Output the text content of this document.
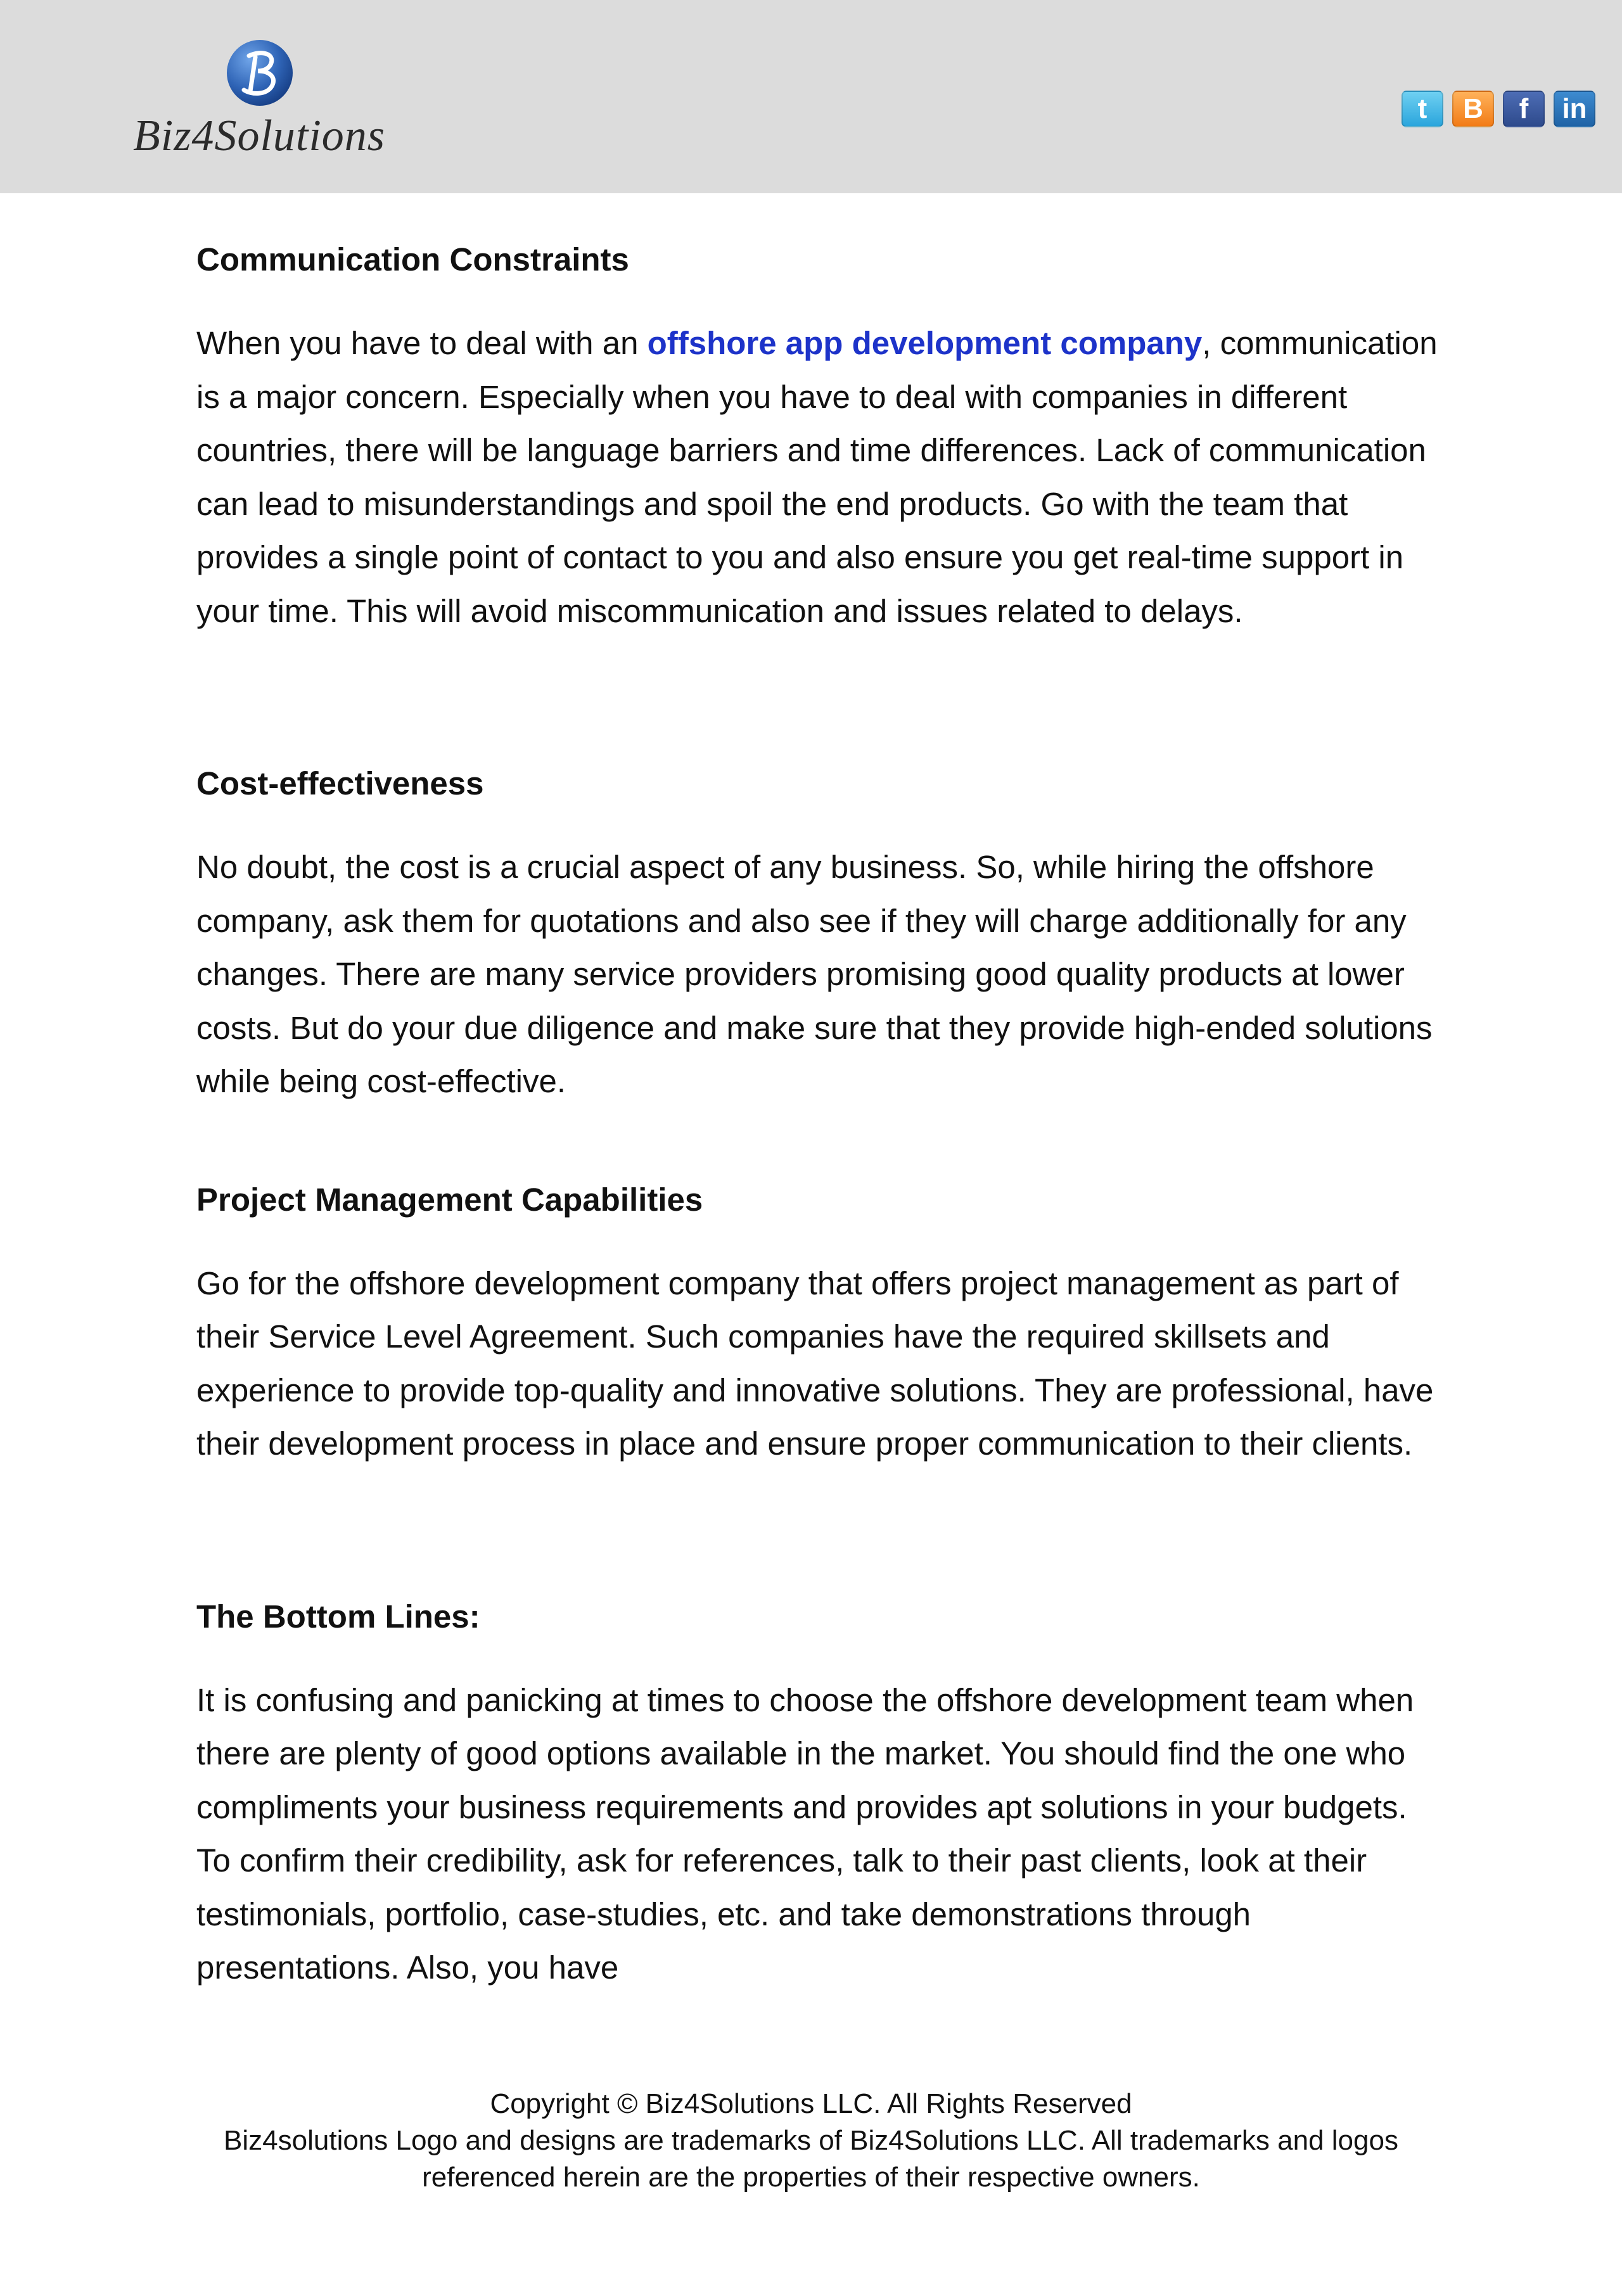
Biz4Solutions
t	B	f	in
Communication Constraints

When you have to deal with an offshore app development company, communication is a major concern. Especially when you have to deal with companies in different countries, there will be language barriers and time differences. Lack of communication can lead to misunderstandings and spoil the end products. Go with the team that provides a single point of contact to you and also ensure you get real-time support in your time. This will avoid miscommunication and issues related to delays.

Cost-effectiveness

No doubt, the cost is a crucial aspect of any business. So, while hiring the offshore company, ask them for quotations and also see if they will charge additionally for any changes. There are many service providers promising good quality products at lower costs. But do your due diligence and make sure that they provide high-ended solutions while being cost-effective.

Project Management Capabilities

Go for the offshore development company that offers project management as part of their Service Level Agreement. Such companies have the required skillsets and experience to provide top-quality and innovative solutions. They are professional, have their development process in place and ensure proper communication to their clients.

The Bottom Lines:

It is confusing and panicking at times to choose the offshore development team when there are plenty of good options available in the market. You should find the one who compliments your business requirements and provides apt solutions in your budgets. To confirm their credibility, ask for references, talk to their past clients, look at their testimonials, portfolio, case-studies, etc. and take demonstrations through presentations. Also, you have

Copyright © Biz4Solutions LLC. All Rights Reserved
Biz4solutions Logo and designs are trademarks of Biz4Solutions LLC. All trademarks and logos
referenced herein are the properties of their respective owners.
